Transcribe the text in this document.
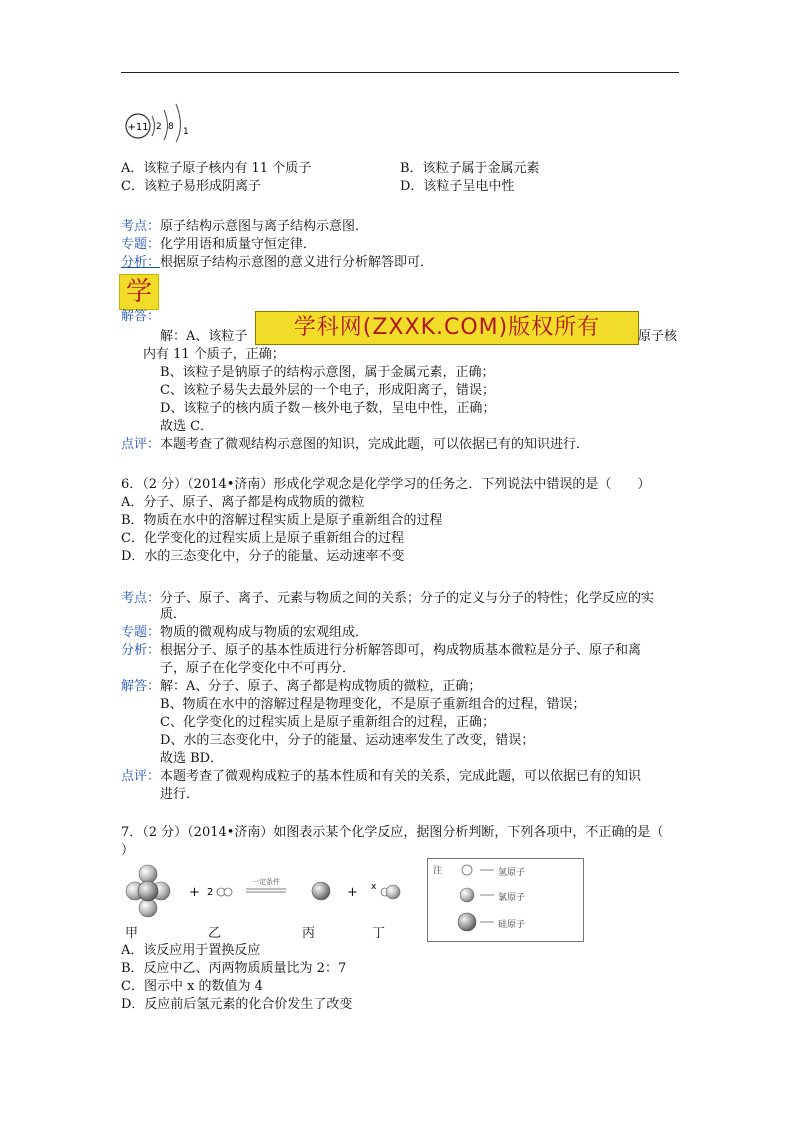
+11 2 8 1
A．该粒子原子核内有 11 个质子	B．该粒子属于金属元素
C．该粒子易形成阴离子	D．该粒子呈电中性
考点：原子结构示意图与离子结构示意图．
专题：化学用语和质量守恒定律．
分析：根据原子结构示意图的意义进行分析解答即可．
学
解答：
解：A、该粒子	学科网(ZXXK.COM)版权所有	原子核
内有 11 个质子，正确；
B、该粒子是钠原子的结构示意图，属于金属元素，正确；
C、该粒子易失去最外层的一个电子，形成阳离子，错误；
D、该粒子的核内质子数－核外电子数，呈电中性，正确；
故选 C．
点评：本题考查了微观结构示意图的知识，完成此题，可以依据已有的知识进行．
6．（2 分）（2014•济南）形成化学观念是化学学习的任务之．下列说法中错误的是（　　）
A．分子、原子、离子都是构成物质的微粒
B．物质在水中的溶解过程实质上是原子重新组合的过程
C．化学变化的过程实质上是原子重新组合的过程
D．水的三态变化中，分子的能量、运动速率不变
考点：分子、原子、离子、元素与物质之间的关系；分子的定义与分子的特性；化学反应的实
质．
专题：物质的微观构成与物质的宏观组成．
分析：根据分子、原子的基本性质进行分析解答即可，构成物质基本微粒是分子、原子和离
子，原子在化学变化中不可再分．
解答：解：A、分子、原子、离子都是构成物质的微粒，正确；
B、物质在水中的溶解过程是物理变化，不是原子重新组合的过程，错误；
C、化学变化的过程实质上是原子重新组合的过程，正确；
D、水的三态变化中，分子的能量、运动速率发生了改变，错误；
故选 BD．
点评：本题考查了微观构成粒子的基本性质和有关的关系，完成此题，可以依据已有的知识
进行．
7．（2 分）（2014•济南）如图表示某个化学反应，据图分析判断，下列各项中，不正确的是（
）
+ 2
一定条件
+ x
甲	乙	丙	丁
注	氢原子
氯原子
硅原子
A．该反应用于置换反应
B．反应中乙、丙两物质质量比为 2：7
C．图示中 x 的数值为 4
D．反应前后氢元素的化合价发生了改变
